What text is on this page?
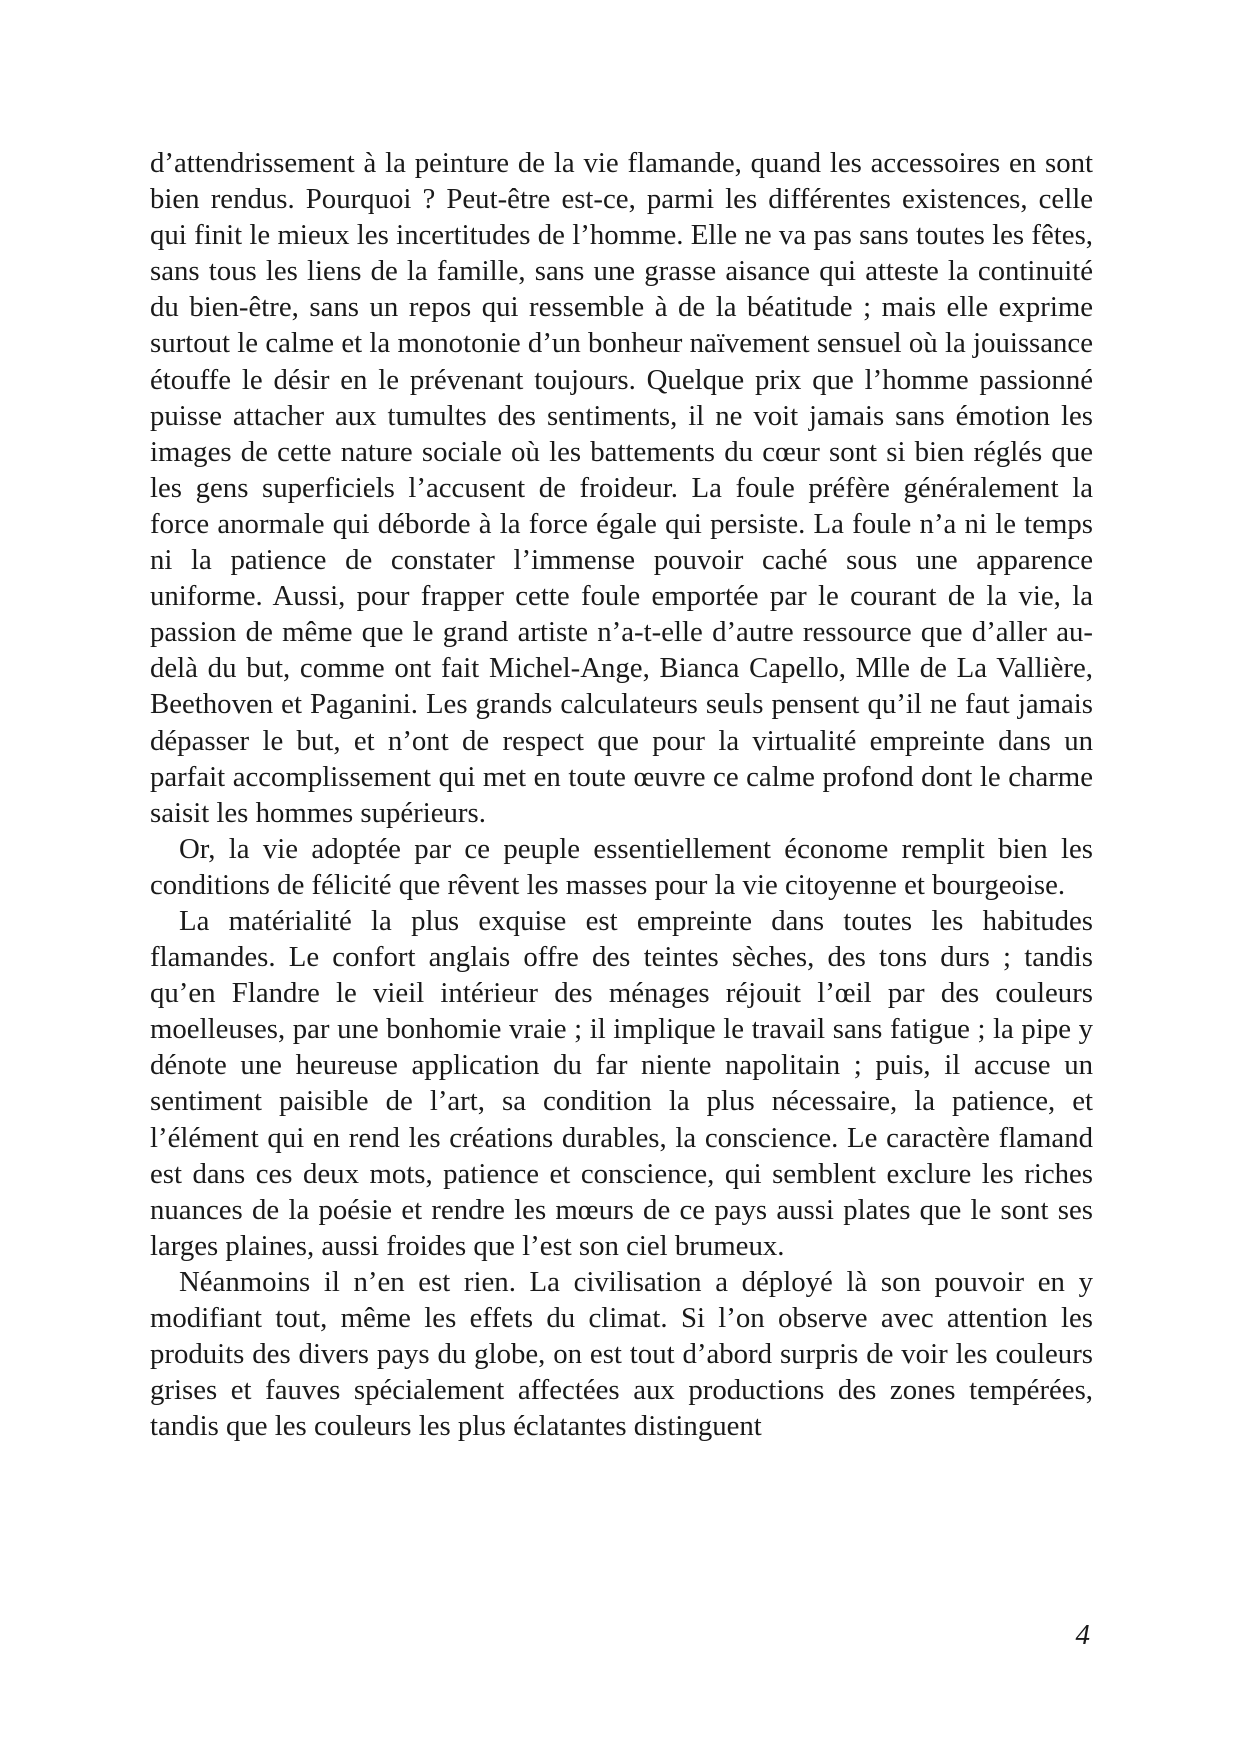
d’attendrissement à la peinture de la vie flamande, quand les accessoires en sont bien rendus. Pourquoi ? Peut-être est-ce, parmi les différentes existences, celle qui finit le mieux les incertitudes de l’homme. Elle ne va pas sans toutes les fêtes, sans tous les liens de la famille, sans une grasse aisance qui atteste la continuité du bien-être, sans un repos qui ressemble à de la béatitude ; mais elle exprime surtout le calme et la monotonie d’un bonheur naïvement sensuel où la jouissance étouffe le désir en le prévenant toujours. Quelque prix que l’homme passionné puisse attacher aux tumultes des sentiments, il ne voit jamais sans émotion les images de cette nature sociale où les battements du cœur sont si bien réglés que les gens superficiels l’accusent de froideur. La foule préfère généralement la force anormale qui déborde à la force égale qui persiste. La foule n’a ni le temps ni la patience de constater l’immense pouvoir caché sous une apparence uniforme. Aussi, pour frapper cette foule emportée par le courant de la vie, la passion de même que le grand artiste n’a-t-elle d’autre ressource que d’aller au-delà du but, comme ont fait Michel-Ange, Bianca Capello, Mlle de La Vallière, Beethoven et Paganini. Les grands calculateurs seuls pensent qu’il ne faut jamais dépasser le but, et n’ont de respect que pour la virtualité empreinte dans un parfait accomplissement qui met en toute œuvre ce calme profond dont le charme saisit les hommes supérieurs.

Or, la vie adoptée par ce peuple essentiellement économe remplit bien les conditions de félicité que rêvent les masses pour la vie citoyenne et bourgeoise.

La matérialité la plus exquise est empreinte dans toutes les habitudes flamandes. Le confort anglais offre des teintes sèches, des tons durs ; tandis qu’en Flandre le vieil intérieur des ménages réjouit l’œil par des couleurs moelleuses, par une bonhomie vraie ; il implique le travail sans fatigue ; la pipe y dénote une heureuse application du far niente napolitain ; puis, il accuse un sentiment paisible de l’art, sa condition la plus nécessaire, la patience, et l’élément qui en rend les créations durables, la conscience. Le caractère flamand est dans ces deux mots, patience et conscience, qui semblent exclure les riches nuances de la poésie et rendre les mœurs de ce pays aussi plates que le sont ses larges plaines, aussi froides que l’est son ciel brumeux.

Néanmoins il n’en est rien. La civilisation a déployé là son pouvoir en y modifiant tout, même les effets du climat. Si l’on observe avec attention les produits des divers pays du globe, on est tout d’abord surpris de voir les couleurs grises et fauves spécialement affectées aux productions des zones tempérées, tandis que les couleurs les plus éclatantes distinguent

4
